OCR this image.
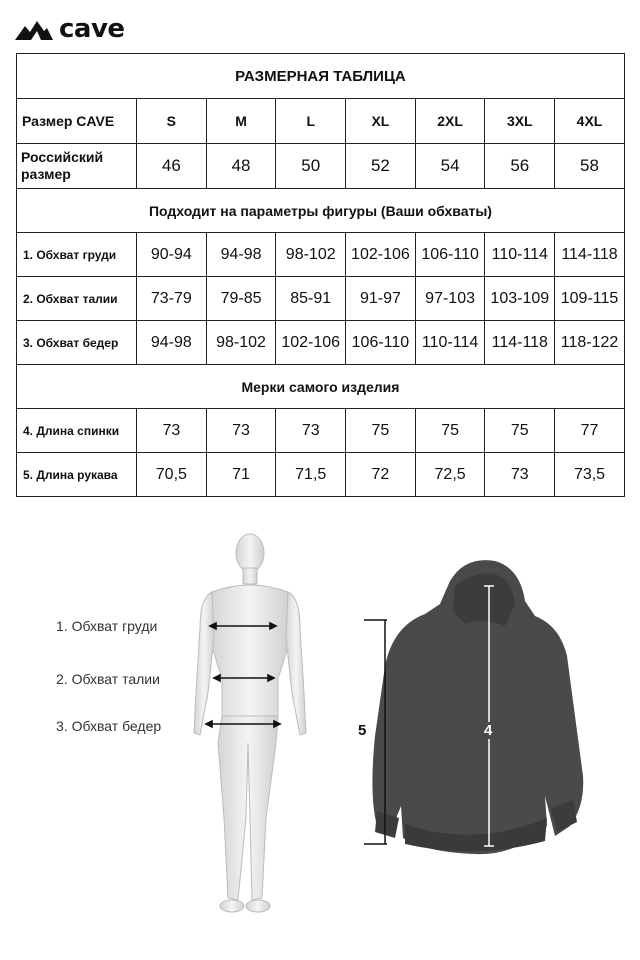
cave
РАЗМЕРНАЯ ТАБЛИЦА							
Размер CAVE	S	M	L	XL	2XL	3XL	4XL
Российский размер	46	48	50	52	54	56	58
Подходит на параметры фигуры (Ваши обхваты)							
1. Обхват груди	90-94	94-98	98-102	102-106	106-110	110-114	114-118
2. Обхват талии	73-79	79-85	85-91	91-97	97-103	103-109	109-115
3. Обхват бедер	94-98	98-102	102-106	106-110	110-114	114-118	118-122
Мерки самого изделия							
4. Длина спинки	73	73	73	75	75	75	77
5. Длина рукава	70,5	71	71,5	72	72,5	73	73,5
1. Обхват груди
2. Обхват талии
3. Обхват бедер	5	4
